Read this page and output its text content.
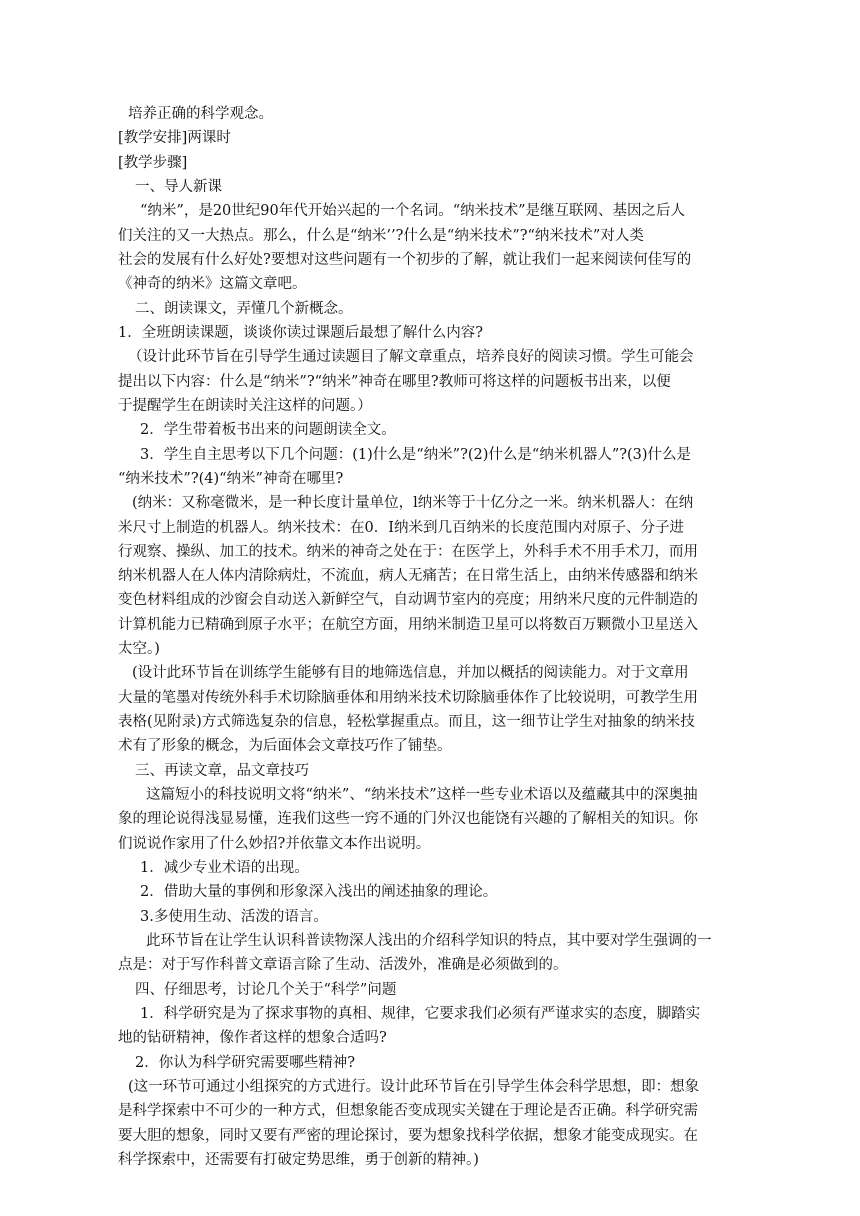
培养正确的科学观念。
[教学安排]两课时
[教学步骤]
一、导人新课
“纳米”，是20世纪90年代开始兴起的一个名词。“纳米技术”是继互联网、基因之后人
们关注的又一大热点。那么，什么是“纳米’’?什么是“纳米技术”?“纳米技术”对人类
社会的发展有什么好处?要想对这些问题有一个初步的了解，就让我们一起来阅读何佳写的
《神奇的纳米》这篇文章吧。
二、朗读课文，弄懂几个新概念。
1．全班朗读课题，谈谈你读过课题后最想了解什么内容?
（设计此环节旨在引导学生通过读题目了解文章重点，培养良好的阅读习惯。学生可能会
提出以下内容：什么是“纳米”?“纳米”神奇在哪里?教师可将这样的问题板书出来，以便
于提醒学生在朗读时关注这样的问题。）
2．学生带着板书出来的问题朗读全文。
3．学生自主思考以下几个问题：(1)什么是“纳米”?(2)什么是“纳米机器人”?(3)什么是
“纳米技术”?(4)“纳米”神奇在哪里?
(纳米：又称毫微米，是一种长度计量单位，l纳米等于十亿分之一米。纳米机器人：在纳
米尺寸上制造的机器人。纳米技术：在0．I纳米到几百纳米的长度范围内对原子、分子进
行观察、操纵、加工的技术。纳米的神奇之处在于：在医学上，外科手术不用手术刀，而用
纳米机器人在人体内清除病灶，不流血，病人无痛苦；在日常生活上，由纳米传感器和纳米
变色材料组成的沙窗会自动送入新鲜空气，自动调节室内的亮度；用纳米尺度的元件制造的
计算机能力已精确到原子水平；在航空方面，用纳米制造卫星可以将数百万颗微小卫星送入
太空。)
(设计此环节旨在训练学生能够有目的地筛选信息，并加以概括的阅读能力。对于文章用
大量的笔墨对传统外科手术切除脑垂体和用纳米技术切除脑垂体作了比较说明，可教学生用
表格(见附录)方式筛选复杂的信息，轻松掌握重点。而且，这一细节让学生对抽象的纳米技
术有了形象的概念，为后面体会文章技巧作了铺垫。
三、再读文章，品文章技巧
这篇短小的科技说明文将“纳米”、“纳米技术”这样一些专业术语以及蕴藏其中的深奥抽
象的理论说得浅显易懂，连我们这些一窍不通的门外汉也能饶有兴趣的了解相关的知识。你
们说说作家用了什么妙招?并依靠文本作出说明。
1．减少专业术语的出现。
2．借助大量的事例和形象深入浅出的阐述抽象的理论。
3.多使用生动、活泼的语言。
此环节旨在让学生认识科普读物深人浅出的介绍科学知识的特点，其中要对学生强调的一
点是：对于写作科普文章语言除了生动、活泼外，准确是必须做到的。
四、仔细思考，讨论几个关于“科学”问题
1．科学研究是为了探求事物的真相、规律，它要求我们必须有严谨求实的态度，脚踏实
地的钻研精神，像作者这样的想象合适吗?
2．你认为科学研究需要哪些精神?
(这一环节可通过小组探究的方式进行。设计此环节旨在引导学生体会科学思想，即：想象
是科学探索中不可少的一种方式，但想象能否变成现实关键在于理论是否正确。科学研究需
要大胆的想象，同时又要有严密的理论探讨，要为想象找科学依据，想象才能变成现实。在
科学探索中，还需要有打破定势思维，勇于创新的精神。)
